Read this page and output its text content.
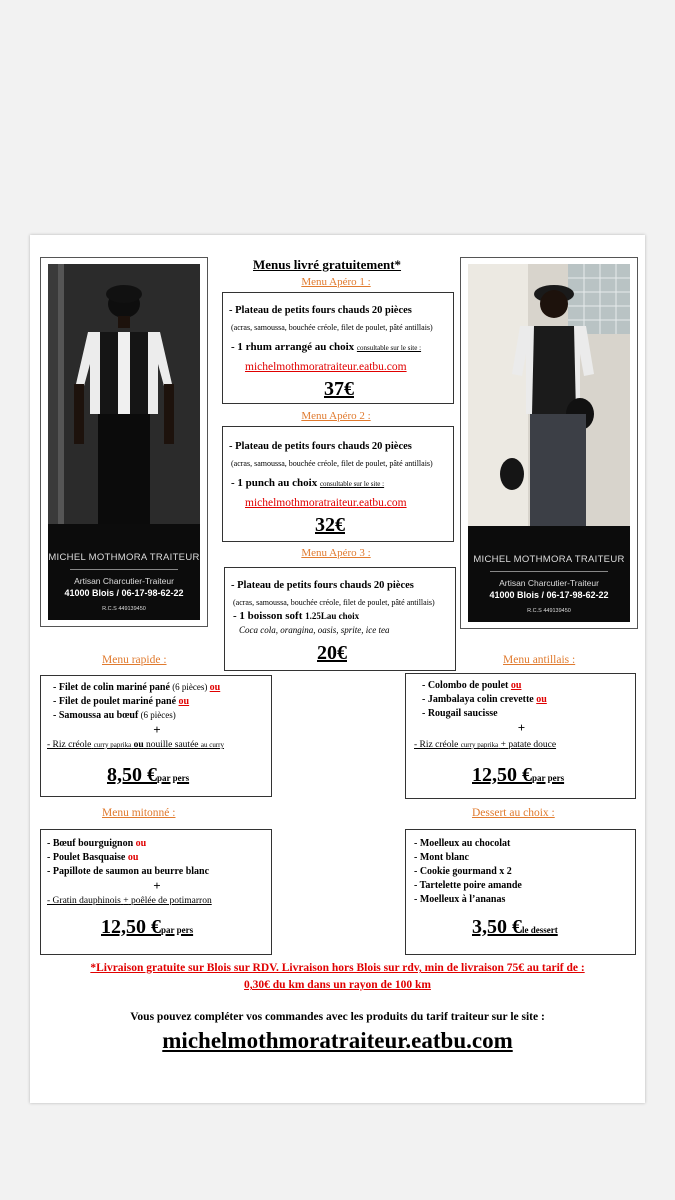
Menus livré gratuitement*
MICHEL MOTHMORA TRAITEUR
Artisan Charcutier-Traiteur
41000 Blois / 06-17-98-62-22
R.C.S 449139450
MICHEL MOTHMORA TRAITEUR
Artisan Charcutier-Traiteur
41000 Blois / 06-17-98-62-22
R.C.S 449139450
Menu Apéro 1 :
- Plateau de petits fours chauds 20 pièces
(acras, samoussa, bouchée créole, filet de poulet, pâté antillais)
- 1 rhum arrangé au choix consultable sur le site :
michelmothmoratraiteur.eatbu.com
37€
Menu Apéro 2 :
- Plateau de petits fours chauds 20 pièces
(acras, samoussa, bouchée créole, filet de poulet, pâté antillais)
- 1 punch au choix consultable sur le site :
michelmothmoratraiteur.eatbu.com
32€
Menu Apéro 3 :
- Plateau de petits fours chauds 20 pièces
(acras, samoussa, bouchée créole, filet de poulet, pâté antillais)
- 1 boisson soft 1.25Lau choix
Coca cola, orangina, oasis, sprite, ice tea
20€
Menu rapide :
- Filet de colin mariné pané (6 pièces) ou
- Filet de poulet mariné pané ou
- Samoussa au bœuf (6 pièces)
+
- Riz créole curry paprika ou nouille sautée au curry
8,50 €par pers
Menu antillais :
- Colombo de poulet ou
- Jambalaya colin crevette ou
- Rougail saucisse
+
- Riz créole curry paprika + patate douce
12,50 €par pers
Menu mitonné :
- Bœuf bourguignon ou
- Poulet Basquaise ou
- Papillote de saumon au beurre blanc
+
- Gratin dauphinois + poêlée de potimarron
12,50 €par pers
Dessert au choix :
- Moelleux au chocolat
- Mont blanc
- Cookie gourmand x 2
- Tartelette poire amande
- Moelleux à l’ananas
3,50 €le dessert
*Livraison gratuite sur Blois sur RDV. Livraison hors Blois sur rdv, min de livraison 75€ au tarif de :
0,30€ du km dans un rayon de 100 km
Vous pouvez compléter vos commandes avec les produits du tarif traiteur sur le site :
michelmothmoratraiteur.eatbu.com
